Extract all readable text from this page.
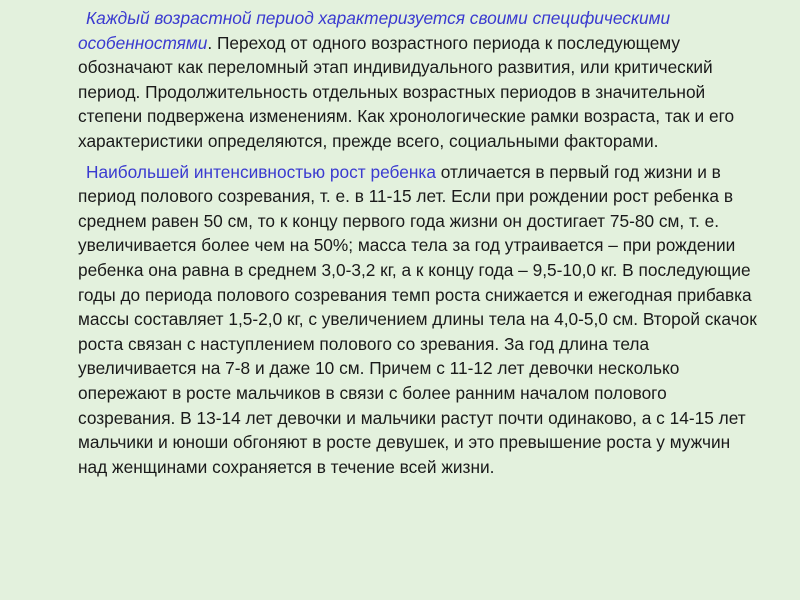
Каждый возрастной период характеризуется своими специфическими особенностями. Переход от одного возрастного периода к последующему обозначают как переломный этап индивидуального развития, или критический период. Продолжительность отдельных возрастных периодов в значительной степени подвержена изменениям. Как хронологические рамки возраста, так и его характеристики определяются, прежде всего, социальными факторами.

Наибольшей интенсивностью рост ребенка отличается в первый год жизни и в период полового созревания, т. е. в 11-15 лет. Если при рождении рост ребенка в среднем равен 50 см, то к концу первого года жизни он достигает 75-80 см, т. е. увеличивается более чем на 50%; масса тела за год утраивается – при рождении ребенка она равна в среднем 3,0-3,2 кг, а к концу года – 9,5-10,0 кг. В последующие годы до периода полового созревания темп роста снижается и ежегодная прибавка массы составляет 1,5-2,0 кг, с увеличением длины тела на 4,0-5,0 см. Второй скачок роста связан с наступлением полового со зревания. За год длина тела увеличивается на 7-8 и даже 10 см. Причем с 11-12 лет девочки несколько опережают в росте мальчиков в связи с более ранним началом полового созревания. В 13-14 лет девочки и мальчики растут почти одинаково, а с 14-15 лет мальчики и юноши обгоняют в росте девушек, и это превышение роста у мужчин над женщинами сохраняется в течение всей жизни.
